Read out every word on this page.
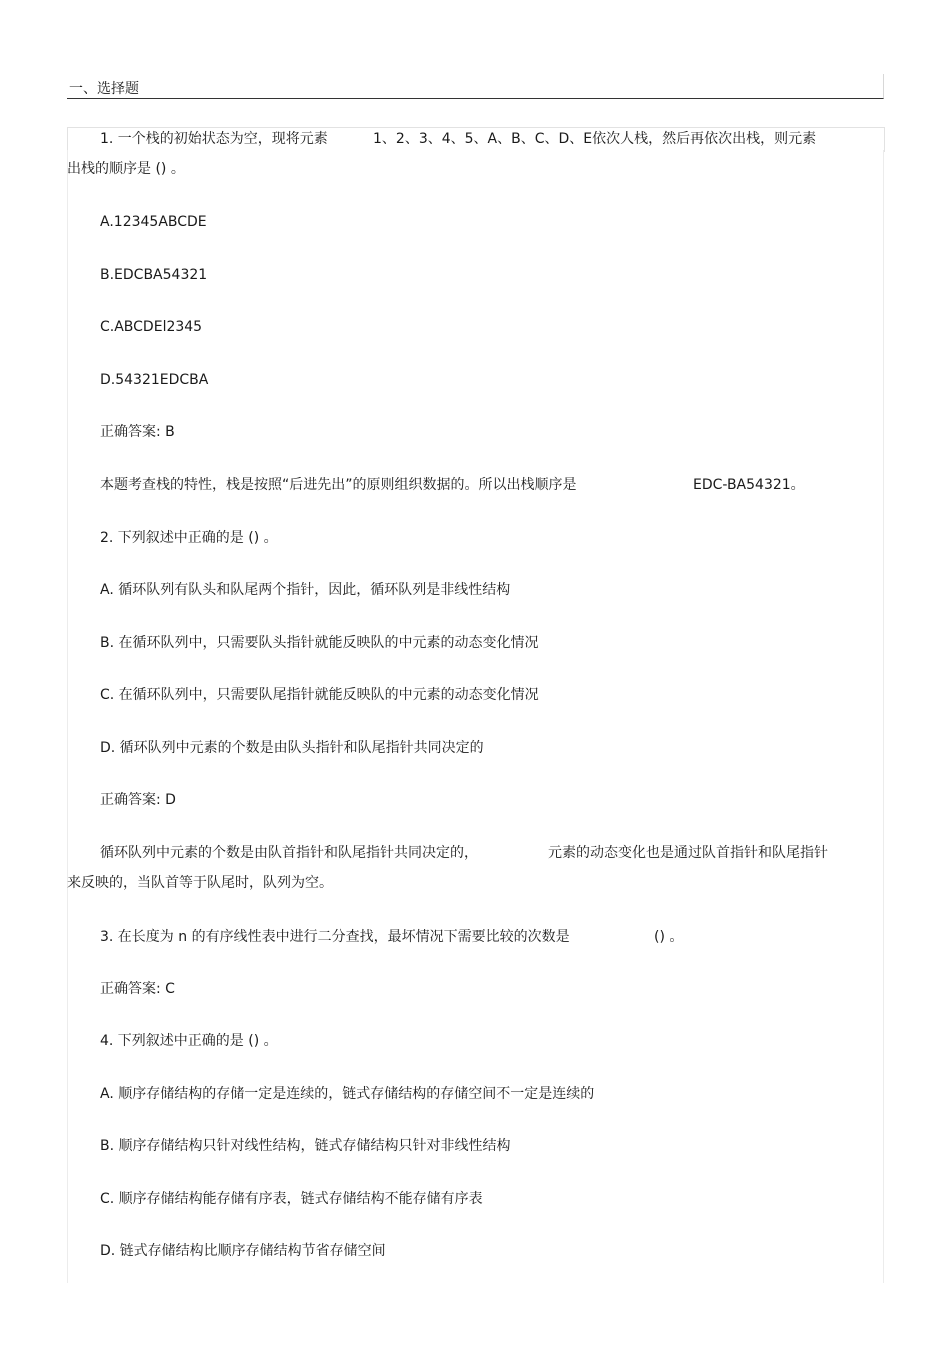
一、选择题
1. 一个栈的初始状态为空，现将元素	1、2、3、4、5、A、B、C、D、E依次人栈，然后再依次出栈，则元素
出栈的顺序是 () 。
A.12345ABCDE
B.EDCBA54321
C.ABCDEl2345
D.54321EDCBA
正确答案: B
本题考查栈的特性，栈是按照“后进先出”的原则组织数据的。所以出栈顺序是	EDC-BA54321。
2. 下列叙述中正确的是 () 。
A. 循环队列有队头和队尾两个指针，因此，循环队列是非线性结构
B. 在循环队列中，只需要队头指针就能反映队的中元素的动态变化情况
C. 在循环队列中，只需要队尾指针就能反映队的中元素的动态变化情况
D. 循环队列中元素的个数是由队头指针和队尾指针共同决定的
正确答案: D
循环队列中元素的个数是由队首指针和队尾指针共同决定的，	元素的动态变化也是通过队首指针和队尾指针
来反映的，当队首等于队尾时，队列为空。
3. 在长度为 n 的有序线性表中进行二分查找，最坏情况下需要比较的次数是	() 。
正确答案: C
4. 下列叙述中正确的是 () 。
A. 顺序存储结构的存储一定是连续的，链式存储结构的存储空间不一定是连续的
B. 顺序存储结构只针对线性结构，链式存储结构只针对非线性结构
C. 顺序存储结构能存储有序表，链式存储结构不能存储有序表
D. 链式存储结构比顺序存储结构节省存储空间
